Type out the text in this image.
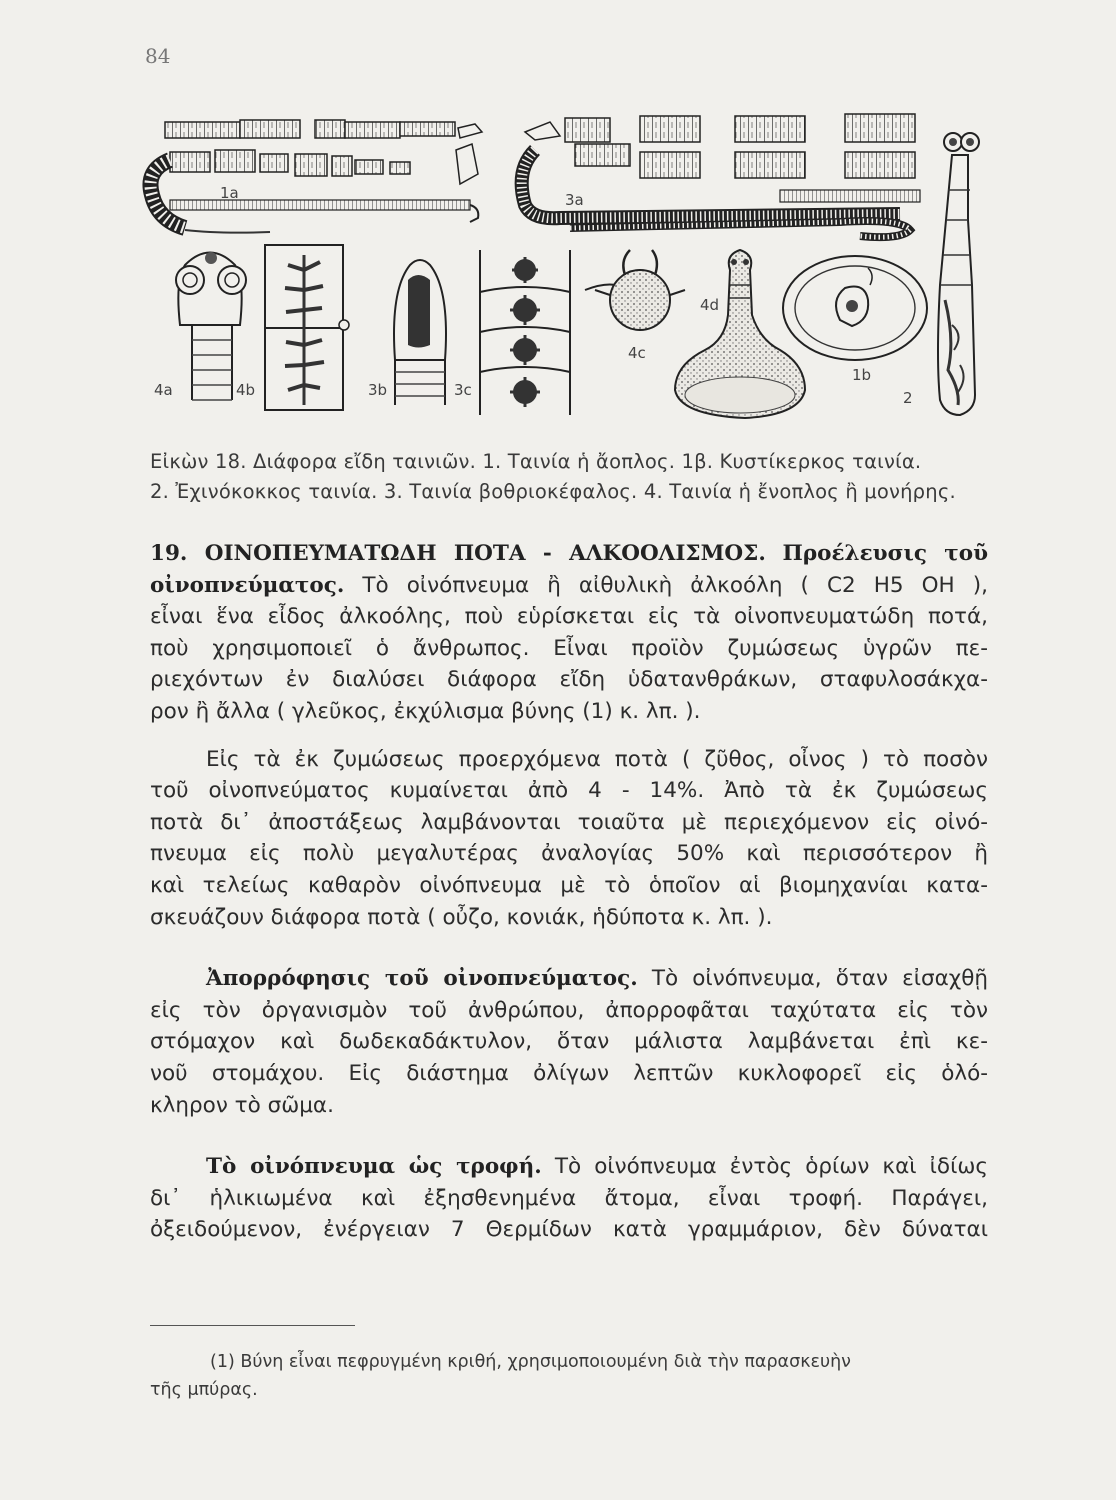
84
1a	3a
4a	4b	3b	3c
4c
4d
1b
2
Εἰκὼν 18. Διάφορα εἴδη ταινιῶν. 1. Ταινία ἡ ἄοπλος. 1β. Κυστίκερκος ταινία.
2. Ἐχινόκοκκος ταινία. 3. Ταινία βοθριοκέφαλος. 4. Ταινία ἡ ἔνοπλος ἢ μονήρης.
19. ΟΙΝΟΠΕΥΜΑΤΩΔΗ ΠΟΤΑ - ΑΛΚΟΟΛΙΣΜΟΣ. Προέλευσις τοῦ
οἰνοπνεύματος. Τὸ οἰνόπνευμα ἢ αἰθυλικὴ ἀλκοόλη ( C2 H5 OH ),
εἶναι ἕνα εἶδος ἀλκοόλης, ποὺ εὑρίσκεται εἰς τὰ οἰνοπνευματώδη ποτά,
ποὺ χρησιμοποιεῖ ὁ ἄνθρωπος. Εἶναι προϊὸν ζυμώσεως ὑγρῶν πε-
ριεχόντων ἐν διαλύσει διάφορα εἴδη ὑδατανθράκων, σταφυλοσάκχα-
ρον ἢ ἄλλα ( γλεῦκος, ἐκχύλισμα βύνης (1) κ. λπ. ).
Εἰς τὰ ἐκ ζυμώσεως προερχόμενα ποτὰ ( ζῦθος, οἶνος ) τὸ ποσὸν
τοῦ οἰνοπνεύματος κυμαίνεται ἀπὸ 4 - 14%. Ἀπὸ τὰ ἐκ ζυμώσεως
ποτὰ δι᾽ ἀποστάξεως λαμβάνονται τοιαῦτα μὲ περιεχόμενον εἰς οἰνό-
πνευμα εἰς πολὺ μεγαλυτέρας ἀναλογίας 50% καὶ περισσότερον ἢ
καὶ τελείως καθαρὸν οἰνόπνευμα μὲ τὸ ὁποῖον αἱ βιομηχανίαι κατα-
σκευάζουν διάφορα ποτὰ ( οὖζο, κονιάκ, ἡδύποτα κ. λπ. ).
Ἀπορρόφησις τοῦ οἰνοπνεύματος. Τὸ οἰνόπνευμα, ὅταν εἰσαχθῇ
εἰς τὸν ὀργανισμὸν τοῦ ἀνθρώπου, ἀπορροφᾶται ταχύτατα εἰς τὸν
στόμαχον καὶ δωδεκαδάκτυλον, ὅταν μάλιστα λαμβάνεται ἐπὶ κε-
νοῦ στομάχου. Εἰς διάστημα ὀλίγων λεπτῶν κυκλοφορεῖ εἰς ὁλό-
κληρον τὸ σῶμα.
Τὸ οἰνόπνευμα ὡς τροφή. Τὸ οἰνόπνευμα ἐντὸς ὁρίων καὶ ἰδίως
δι᾽ ἡλικιωμένα καὶ ἐξησθενημένα ἄτομα, εἶναι τροφή. Παράγει,
ὀξειδούμενον, ἐνέργειαν 7 Θερμίδων κατὰ γραμμάριον, δὲν δύναται
(1) Βύνη εἶναι πεφρυγμένη κριθή, χρησιμοποιουμένη διὰ τὴν παρασκευὴν
τῆς μπύρας.
